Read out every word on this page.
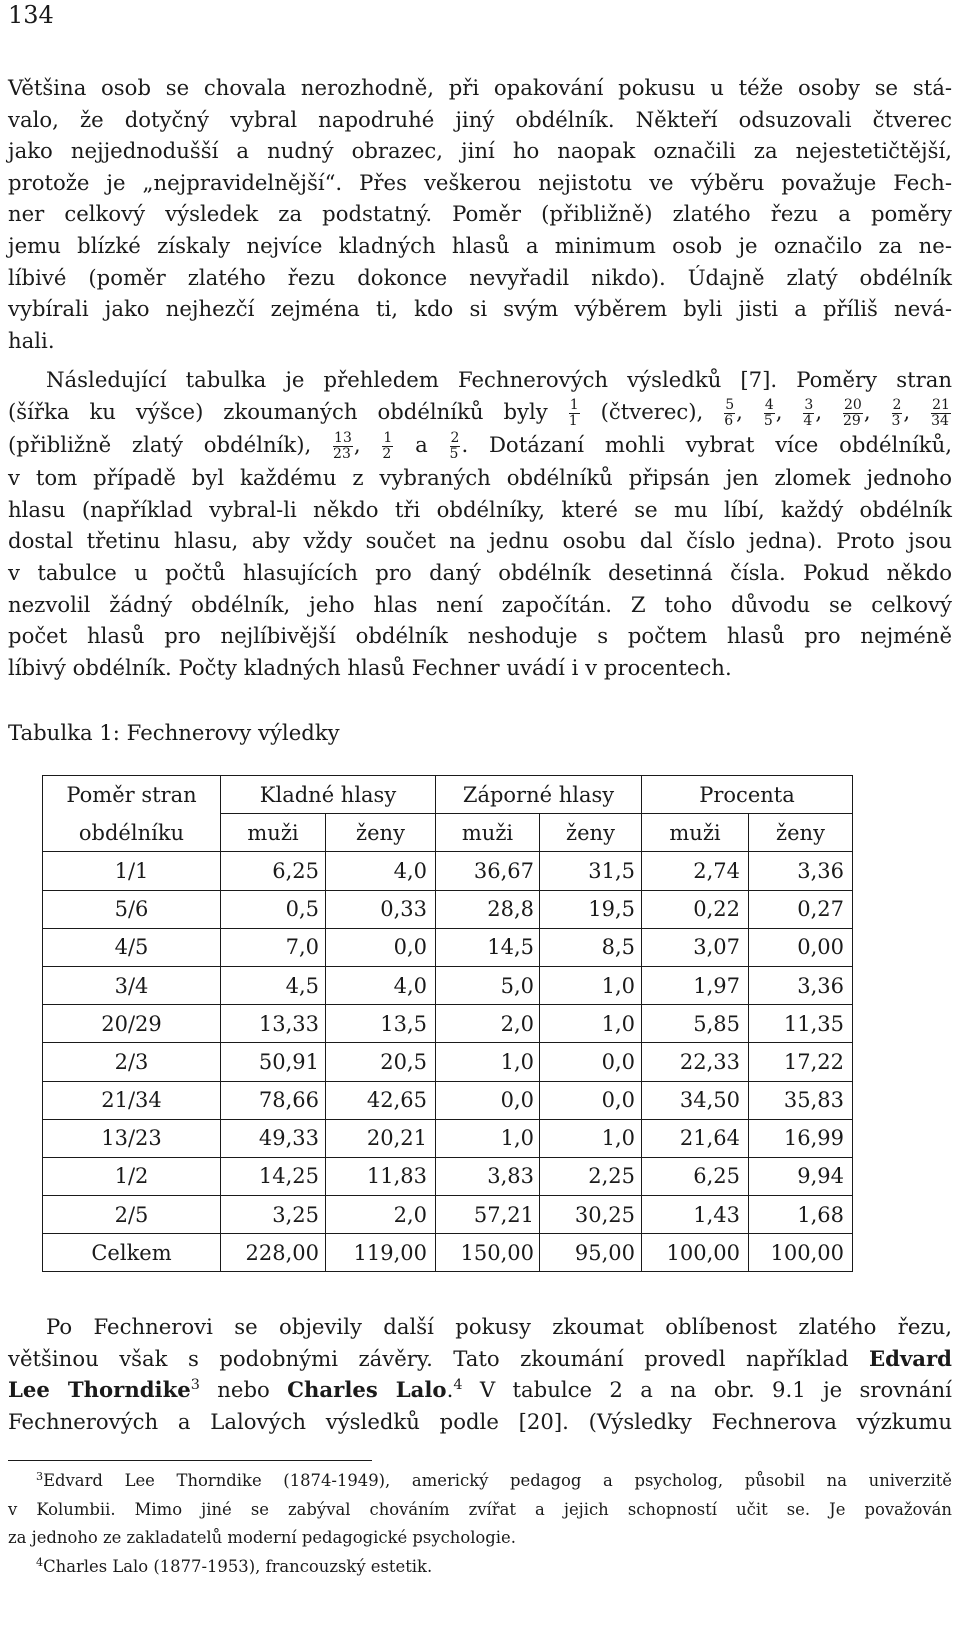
134
Většina osob se chovala nerozhodně, při opakování pokusu u téže osoby se stá-
valo, že dotyčný vybral napodruhé jiný obdélník. Někteří odsuzovali čtverec
jako nejjednodušší a nudný obrazec, jiní ho naopak označili za nejestetičtější,
protože je „nejpravidelnější“. Přes veškerou nejistotu ve výběru považuje Fech-
ner celkový výsledek za podstatný. Poměr (přibližně) zlatého řezu a poměry
jemu blízké získaly nejvíce kladných hlasů a minimum osob je označilo za ne-
líbivé (poměr zlatého řezu dokonce nevyřadil nikdo). Údajně zlatý obdélník
vybírali jako nejhezčí zejména ti, kdo si svým výběrem byli jisti a příliš nevá-
hali.
Následující tabulka je přehledem Fechnerových výsledků [7]. Poměry stran
(šířka ku výšce) zkoumaných obdélníků byly $\frac{1}{1}$ (čtverec), $\frac{5}{6}$ , $\frac{4}{5}$ , $\frac{3}{4}$ , $\frac{20}{29}$ , $\frac{2}{3}$ , $\frac{21}{34}$
(přibližně zlatý obdélník), $\frac{13}{23}$ , $\frac{1}{2}$ a $\frac{2}{5}$ . Dotázaní mohli vybrat více obdélníků,
v tom případě byl každému z vybraných obdélníků připsán jen zlomek jednoho
hlasu (například vybral-li někdo tři obdélníky, které se mu líbí, každý obdélník
dostal třetinu hlasu, aby vždy součet na jednu osobu dal číslo jedna). Proto jsou
v tabulce u počtů hlasujících pro daný obdélník desetinná čísla. Pokud někdo
nezvolil žádný obdélník, jeho hlas není započítán. Z toho důvodu se celkový
počet hlasů pro nejlíbivější obdélník neshoduje s počtem hlasů pro nejméně
líbivý obdélník. Počty kladných hlasů Fechner uvádí i v procentech.

Tabulka 1: Fechnerovy výledky

Poměr stran	Kladné hlasy		Záporné hlasy		Procenta	
obdélníku	muži	ženy	muži	ženy	muži	ženy
1/1	6,25	4,0	36,67	31,5	2,74	3,36
5/6	0,5	0,33	28,8	19,5	0,22	0,27
4/5	7,0	0,0	14,5	8,5	3,07	0,00
3/4	4,5	4,0	5,0	1,0	1,97	3,36
20/29	13,33	13,5	2,0	1,0	5,85	11,35
2/3	50,91	20,5	1,0	0,0	22,33	17,22
21/34	78,66	42,65	0,0	0,0	34,50	35,83
13/23	49,33	20,21	1,0	1,0	21,64	16,99
1/2	14,25	11,83	3,83	2,25	6,25	9,94
2/5	3,25	2,0	57,21	30,25	1,43	1,68
Celkem	228,00	119,00	150,00	95,00	100,00	100,00
Po Fechnerovi se objevily další pokusy zkoumat oblíbenost zlatého řezu,
většinou však s podobnými závěry. Tato zkoumání provedl například Edvard
Lee Thorndike$^3$ nebo Charles Lalo.$^4$ V tabulce 2 a na obr. 9.1 je srovnání
Fechnerových a Lalových výsledků podle [20]. (Výsledky Fechnerova výzkumu
$^3$Edvard Lee Thorndike (1874-1949), americký pedagog a psycholog, působil na univerzitě
v Kolumbii. Mimo jiné se zabýval chováním zvířat a jejich schopností učit se. Je považován
za jednoho ze zakladatelů moderní pedagogické psychologie.
$^4$Charles Lalo (1877-1953), francouzský estetik.
